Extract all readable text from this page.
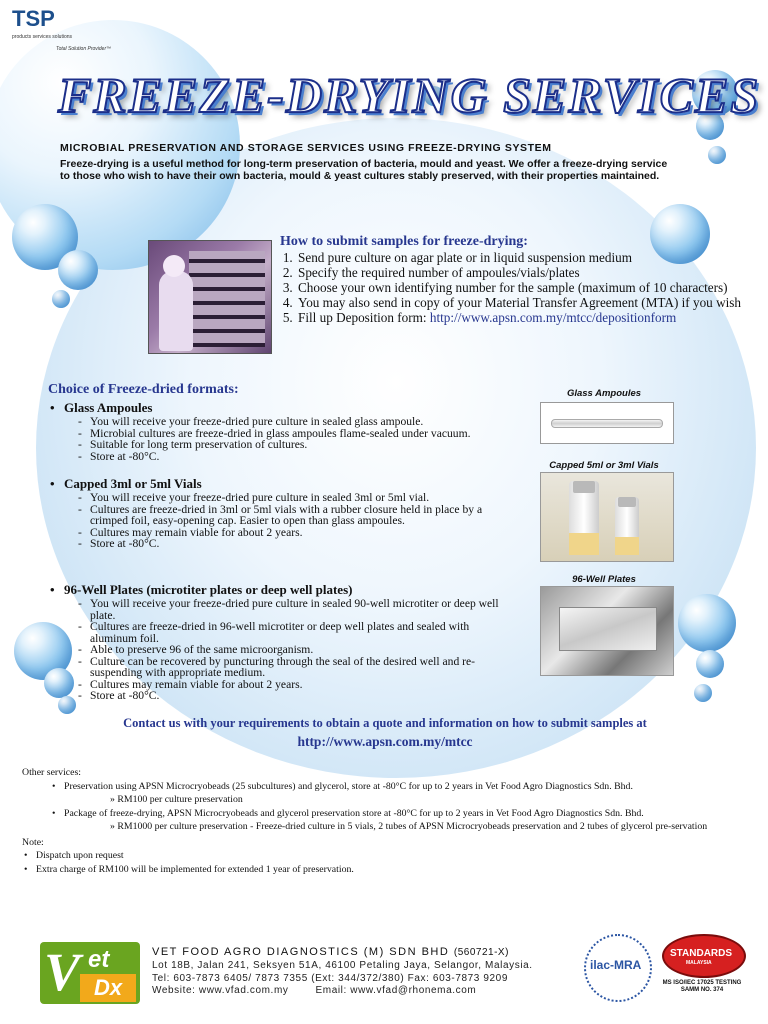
TSP
products services solutions
Total Solution Provider™
FREEZE-DRYING SERVICES
MICROBIAL PRESERVATION AND STORAGE SERVICES USING FREEZE-DRYING SYSTEM
Freeze-drying is a useful method for long-term preservation of bacteria, mould and yeast. We offer a freeze-drying service to those who wish to have their own bacteria, mould & yeast cultures stably preserved, with their properties maintained.
How to submit samples for freeze-drying:
1. Send pure culture on agar plate or in liquid suspension medium
2. Specify the required number of ampoules/vials/plates
3. Choose your own identifying number for the sample (maximum of 10 characters)
4. You may also send in copy of your Material Transfer Agreement (MTA) if you wish
5. Fill up Deposition form: http://www.apsn.com.my/mtcc/depositionform
Choice of Freeze-dried formats:
• Glass Ampoules
- You will receive your freeze-dried pure culture in sealed glass ampoule.
- Microbial cultures are freeze-dried in glass ampoules flame-sealed under vacuum.
- Suitable for long term preservation of cultures.
- Store at -80°C.
• Capped 3ml or 5ml Vials
- You will receive your freeze-dried pure culture in sealed 3ml or 5ml vial.
- Cultures are freeze-dried in 3ml or 5ml vials with a rubber closure held in place by a crimped foil, easy-opening cap. Easier to open than glass ampoules.
- Cultures may remain viable for about 2 years.
- Store at -80°C.
• 96-Well Plates (microtiter plates or deep well plates)
- You will receive your freeze-dried pure culture in sealed 90-well microtiter or deep well plate.
- Cultures are freeze-dried in 96-well microtiter or deep well plates and sealed with aluminum foil.
- Able to preserve 96 of the same microorganism.
- Culture can be recovered by puncturing through the seal of the desired well and re-suspending with appropriate medium.
- Cultures may remain viable for about 2 years.
- Store at -80°C.
Glass Ampoules
Capped 5ml or 3ml Vials
96-Well Plates
Contact us with your requirements to obtain a quote and information on how to submit samples at
http://www.apsn.com.my/mtcc
Other services:
• Preservation using APSN Microcryobeads (25 subcultures) and glycerol, store at -80°C for up to 2 years in Vet Food Agro Diagnostics Sdn. Bhd.
» RM100 per culture preservation
• Package of freeze-drying, APSN Microcryobeads and glycerol preservation store at -80°C for up to 2 years in Vet Food Agro Diagnostics Sdn. Bhd.
» RM1000 per culture preservation - Freeze-dried culture in 5 vials, 2 tubes of APSN Microcryobeads preservation and 2 tubes of glycerol pre-servation
Note:
• Dispatch upon request
• Extra charge of RM100 will be implemented for extended 1 year of preservation.
V et
Dx
VET FOOD AGRO DIAGNOSTICS (M) SDN BHD (560721-X)
Lot 18B, Jalan 241, Seksyen 51A, 46100 Petaling Jaya, Selangor, Malaysia.
Tel: 603-7873 6405/ 7873 7355 (Ext: 344/372/380) Fax: 603-7873 9209
Website: www.vfad.com.my        Email: www.vfad@rhonema.com
ilac-MRA
STANDARDS
MALAYSIA
MS ISO/IEC 17025 TESTING SAMM NO. 374
